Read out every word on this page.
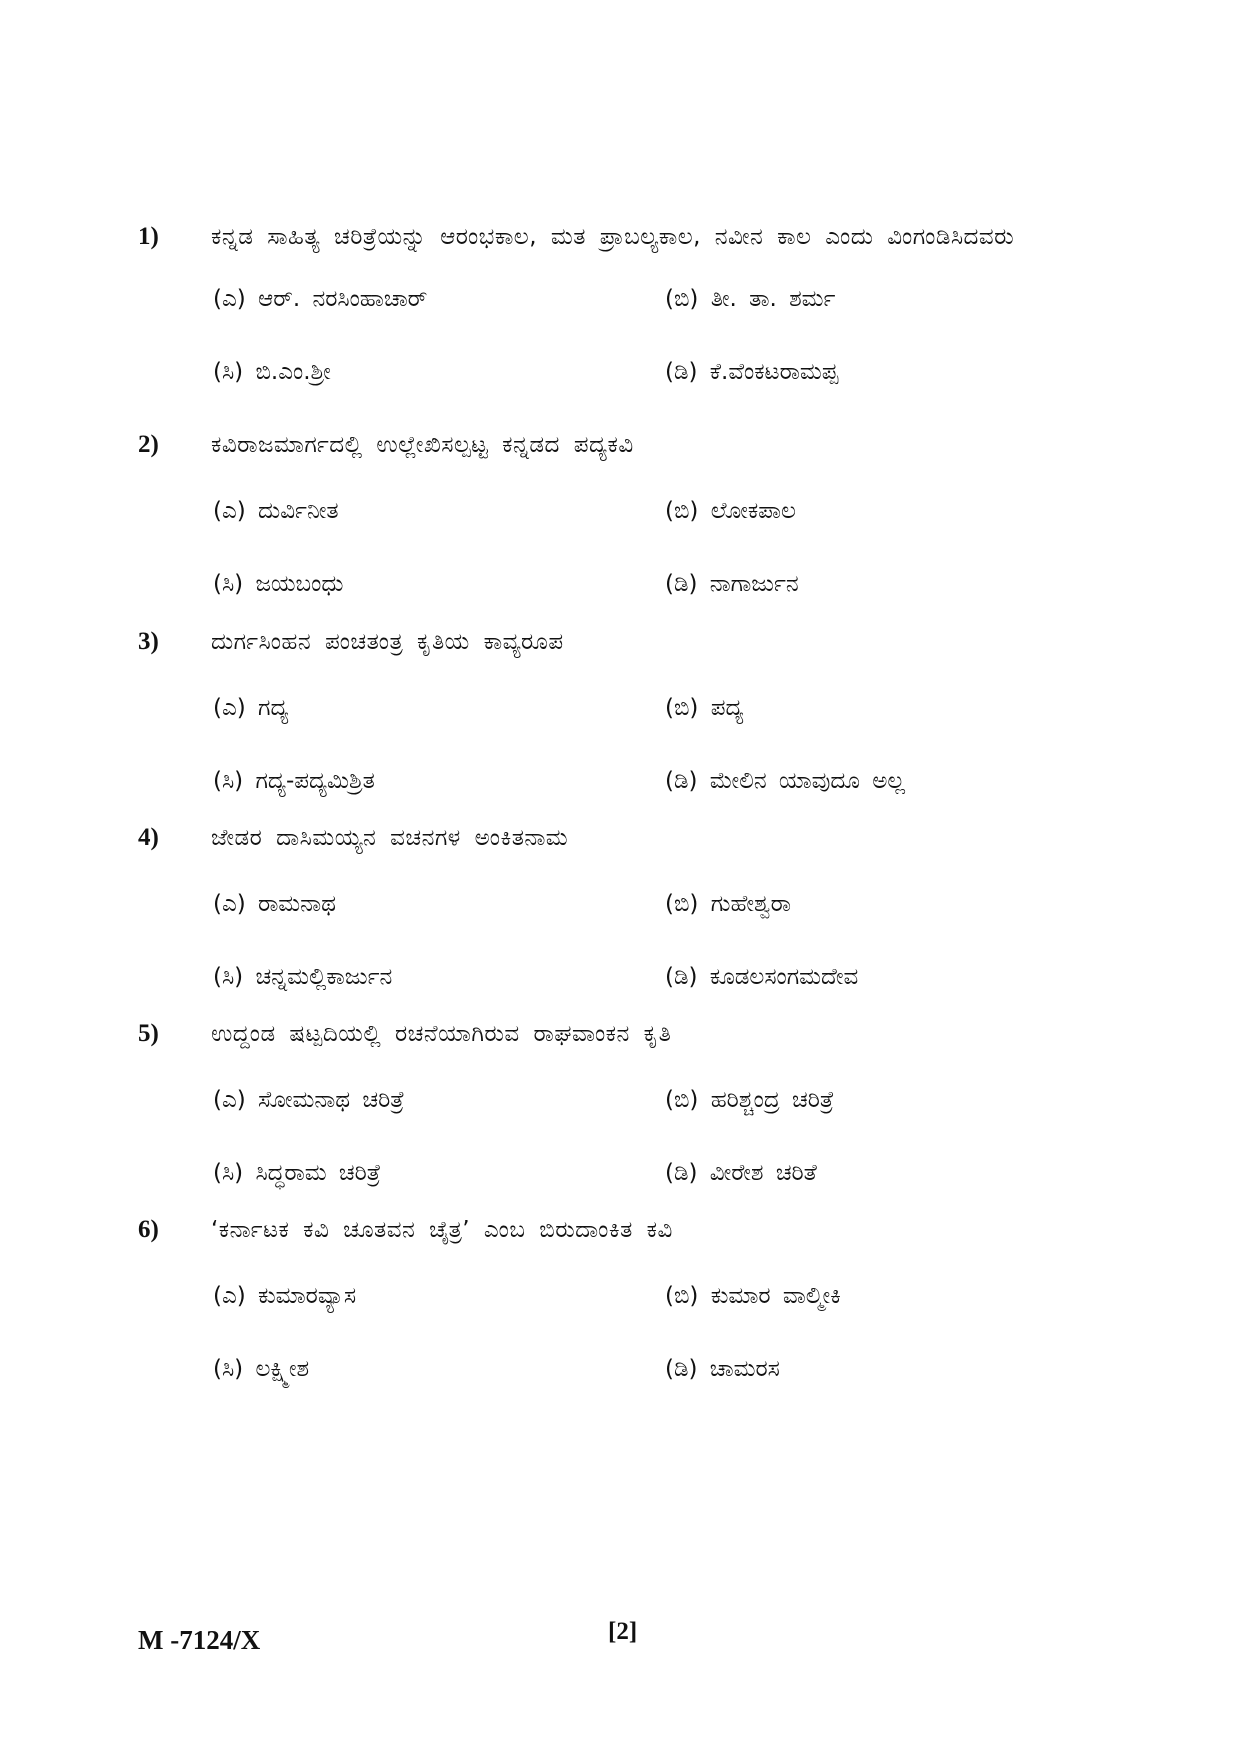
1)	ಕನ್ನಡ ಸಾಹಿತ್ಯ ಚರಿತ್ರೆಯನ್ನು ಆರಂಭಕಾಲ, ಮತ ಪ್ರಾಬಲ್ಯಕಾಲ, ನವೀನ ಕಾಲ ಎಂದು ವಿಂಗಂಡಿಸಿದವರು
(ಎ) ಆರ್. ನರಸಿಂಹಾಚಾರ್	(ಬಿ) ತೀ. ತಾ. ಶರ್ಮ
(ಸಿ) ಬಿ.ಎಂ.ಶ್ರೀ	(ಡಿ) ಕೆ.ವೆಂಕಟರಾಮಪ್ಪ
2)	ಕವಿರಾಜಮಾರ್ಗದಲ್ಲಿ ಉಲ್ಲೇಖಿಸಲ್ಪಟ್ಟ ಕನ್ನಡದ ಪದ್ಯಕವಿ
(ಎ) ದುರ್ವಿನೀತ	(ಬಿ) ಲೋಕಪಾಲ
(ಸಿ) ಜಯಬಂಧು	(ಡಿ) ನಾಗಾರ್ಜುನ
3)	ದುರ್ಗಸಿಂಹನ ಪಂಚತಂತ್ರ ಕೃತಿಯ ಕಾವ್ಯರೂಪ
(ಎ) ಗದ್ಯ	(ಬಿ) ಪದ್ಯ
(ಸಿ) ಗದ್ಯ-ಪದ್ಯಮಿಶ್ರಿತ	(ಡಿ) ಮೇಲಿನ ಯಾವುದೂ ಅಲ್ಲ
4)	ಜೇಡರ ದಾಸಿಮಯ್ಯನ ವಚನಗಳ ಅಂಕಿತನಾಮ
(ಎ) ರಾಮನಾಥ	(ಬಿ) ಗುಹೇಶ್ವರಾ
(ಸಿ) ಚನ್ನಮಲ್ಲಿಕಾರ್ಜುನ	(ಡಿ) ಕೂಡಲಸಂಗಮದೇವ
5)	ಉದ್ದಂಡ ಷಟ್ಪದಿಯಲ್ಲಿ ರಚನೆಯಾಗಿರುವ ರಾಘವಾಂಕನ ಕೃತಿ
(ಎ) ಸೋಮನಾಥ ಚರಿತ್ರೆ	(ಬಿ) ಹರಿಶ್ಚಂದ್ರ ಚರಿತ್ರೆ
(ಸಿ) ಸಿದ್ಧರಾಮ ಚರಿತ್ರೆ	(ಡಿ) ವೀರೇಶ ಚರಿತೆ
6)	‘ಕರ್ನಾಟಕ ಕವಿ ಚೂತವನ ಚೈತ್ರ’ ಎಂಬ ಬಿರುದಾಂಕಿತ ಕವಿ
(ಎ) ಕುಮಾರವ್ಯಾಸ	(ಬಿ) ಕುಮಾರ ವಾಲ್ಮೀಕಿ
(ಸಿ) ಲಕ್ಷ್ಮೀಶ	(ಡಿ) ಚಾಮರಸ
M -7124/X	[2]
